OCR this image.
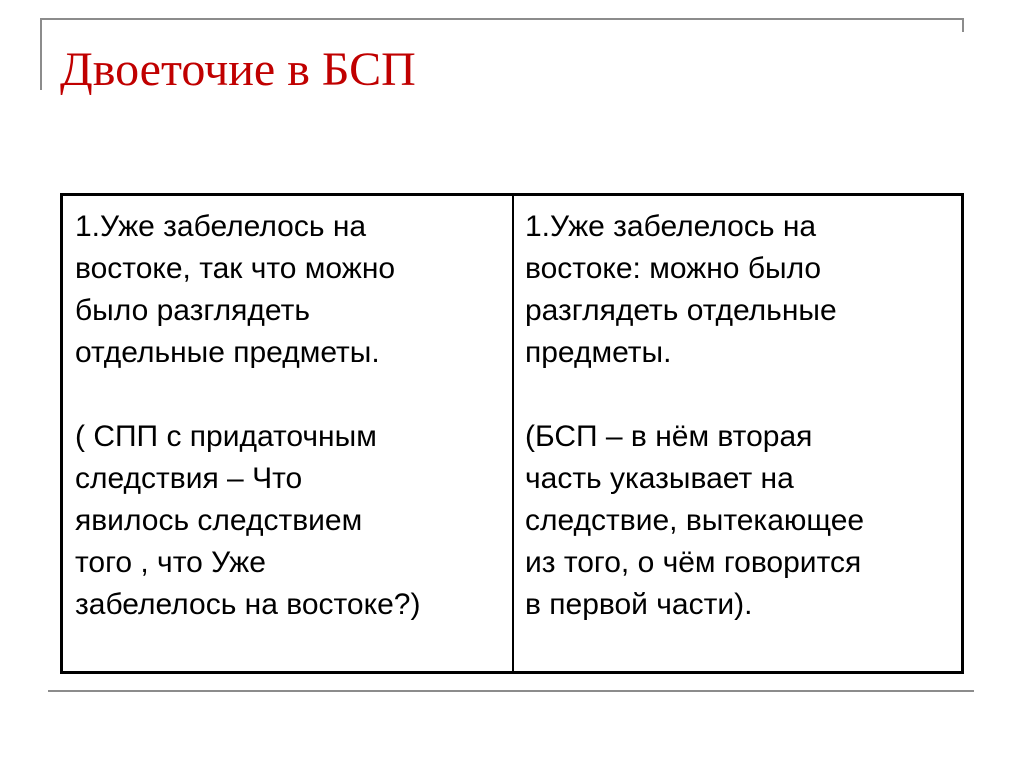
Двоеточие в БСП

1.Уже забелелось на
востоке, так что можно
было разглядеть
отдельные предметы.

( СПП с придаточным
следствия – Что
явилось следствием
того , что Уже
забелелось на востоке?)

1.Уже забелелось на
востоке: можно было
разглядеть отдельные
предметы.

(БСП – в нём вторая
часть указывает на
следствие, вытекающее
из того, о чём говорится
в первой части).
